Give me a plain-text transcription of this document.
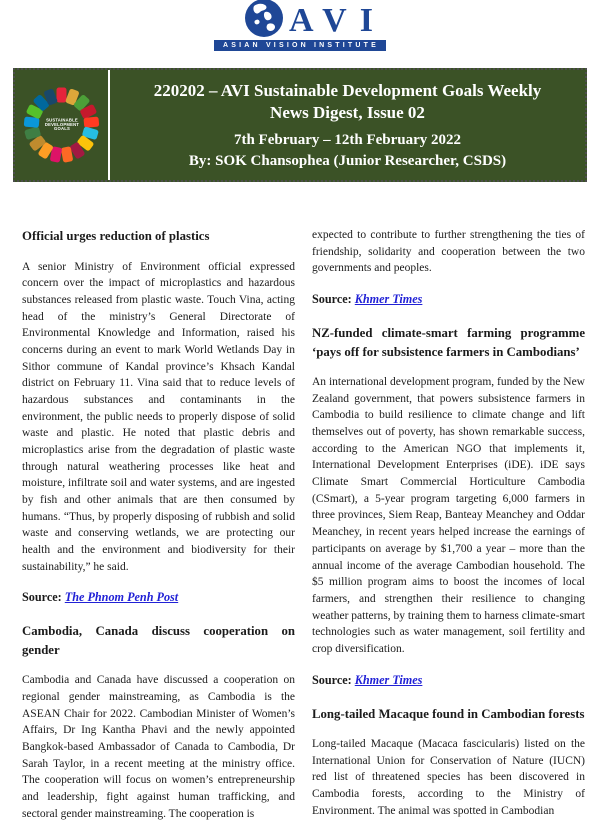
AVI
ASIAN VISION INSTITUTE
SUSTAINABLE DEVELOPMENT GOALS
220202 – AVI Sustainable Development Goals Weekly
News Digest, Issue 02
7th February – 12th February 2022
By: SOK Chansophea (Junior Researcher, CSDS)
Official urges reduction of plastics

A senior Ministry of Environment official expressed concern over the impact of microplastics and hazardous substances released from plastic waste. Touch Vina, acting head of the ministry’s General Directorate of Environmental Knowledge and Information, raised his concerns during an event to mark World Wetlands Day in Sithor commune of Kandal province’s Khsach Kandal district on February 11. Vina said that to reduce levels of hazardous substances and contaminants in the environment, the public needs to properly dispose of solid waste and plastic. He noted that plastic debris and microplastics arise from the degradation of plastic waste through natural weathering processes like heat and moisture, infiltrate soil and water systems, and are ingested by fish and other animals that are then consumed by humans. “Thus, by properly disposing of rubbish and solid waste and conserving wetlands, we are protecting our health and the environment and biodiversity for their sustainability,” he said.

Source: The Phnom Penh Post

Cambodia, Canada discuss cooperation on gender

Cambodia and Canada have discussed a cooperation on regional gender mainstreaming, as Cambodia is the ASEAN Chair for 2022. Cambodian Minister of Women’s Affairs, Dr Ing Kantha Phavi and the newly appointed Bangkok-based Ambassador of Canada to Cambodia, Dr Sarah Taylor, in a recent meeting at the ministry office. The cooperation will focus on women’s entrepreneurship and leadership, fight against human trafficking, and sectoral gender mainstreaming. The cooperation is

expected to contribute to further strengthening the ties of friendship, solidarity and cooperation between the two governments and peoples.

Source: Khmer Times

NZ-funded climate-smart farming programme ‘pays off for subsistence farmers in Cambodians’

An international development program, funded by the New Zealand government, that powers subsistence farmers in Cambodia to build resilience to climate change and lift themselves out of poverty, has shown remarkable success, according to the American NGO that implements it, International Development Enterprises (iDE). iDE says Climate Smart Commercial Horticulture Cambodia (CSmart), a 5-year program targeting 6,000 farmers in three provinces, Siem Reap, Banteay Meanchey and Oddar Meanchey, in recent years helped increase the earnings of participants on average by $1,700 a year – more than the annual income of the average Cambodian household. The $5 million program aims to boost the incomes of local farmers, and strengthen their resilience to changing weather patterns, by training them to harness climate-smart technologies such as water management, soil fertility and crop diversification.

Source: Khmer Times

Long-tailed Macaque found in Cambodian forests

Long-tailed Macaque (Macaca fascicularis) listed on the International Union for Conservation of Nature (IUCN) red list of threatened species has been discovered in Cambodia forests, according to the Ministry of Environment. The animal was spotted in Cambodian
